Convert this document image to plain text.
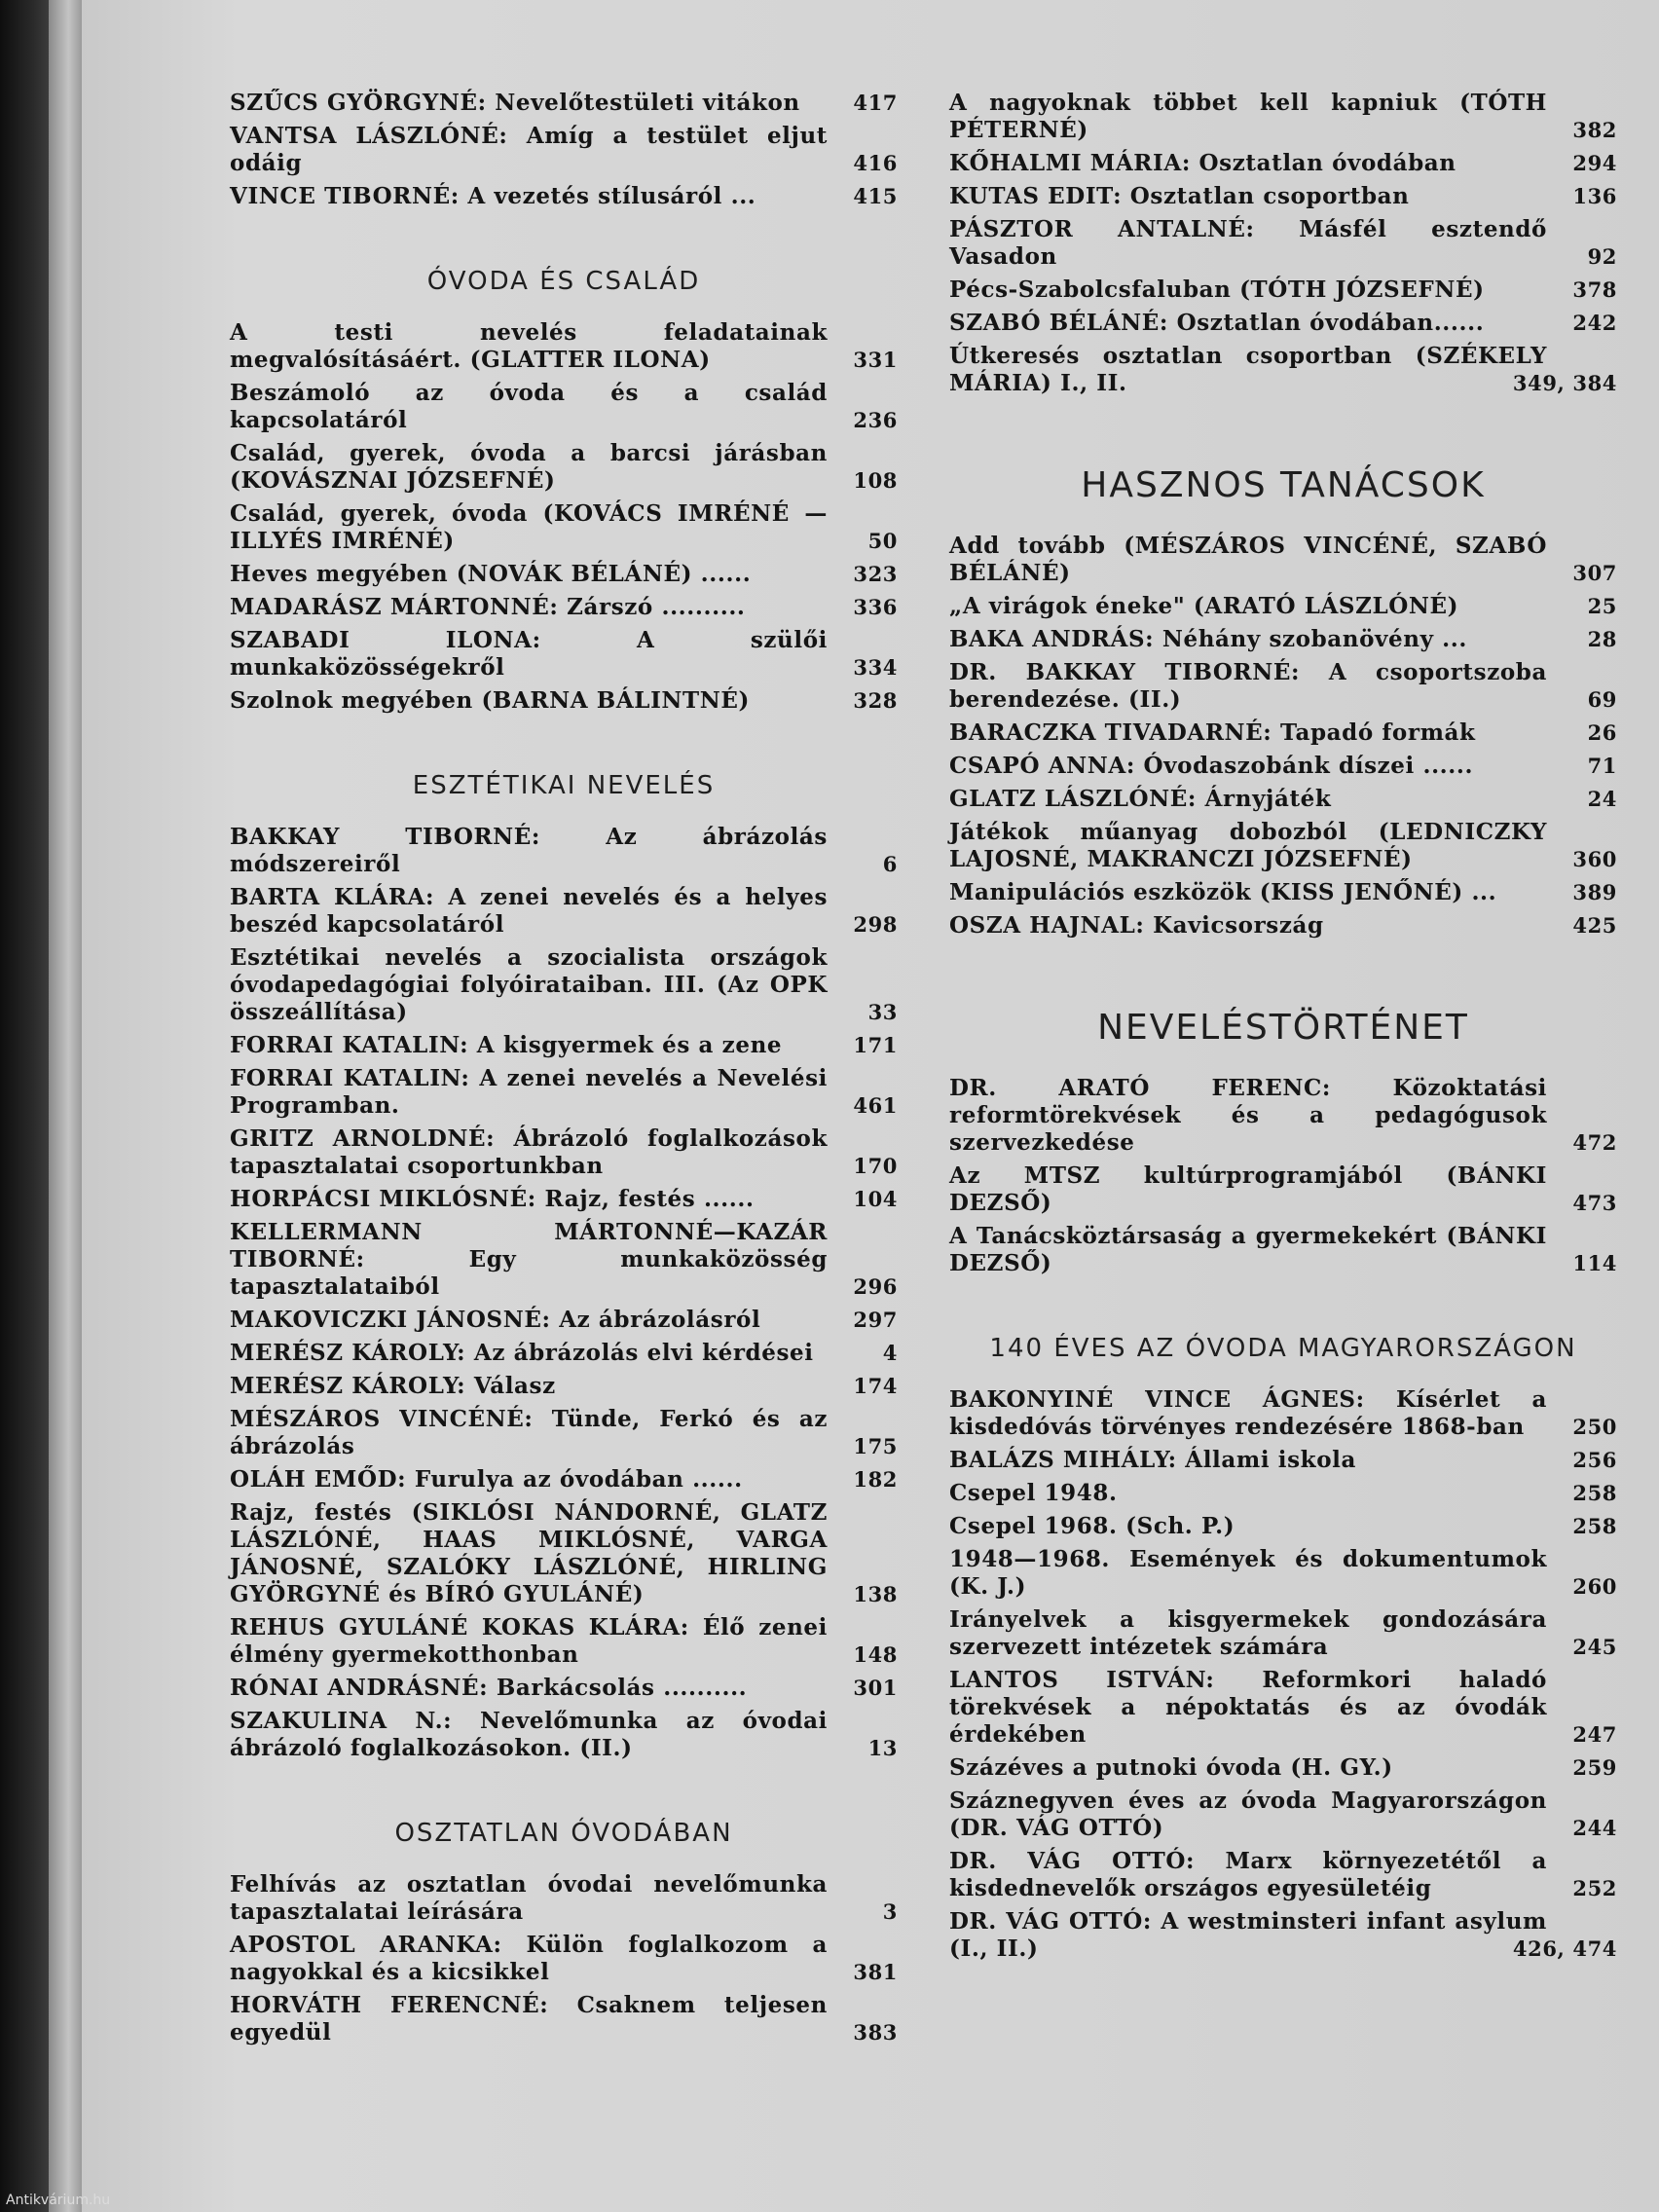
SZŰCS GYÖRGYNÉ: Nevelőtestületi vitákon	417
VANTSA LÁSZLÓNÉ: Amíg a testület eljut odáig	416
VINCE TIBORNÉ: A vezetés stílusáról ...	415
ÓVODA ÉS CSALÁD
A testi nevelés feladatainak megvalósításáért. (GLATTER ILONA)	331
Beszámoló az óvoda és a család kapcsolatáról	236
Család, gyerek, óvoda a barcsi járásban (KOVÁSZNAI JÓZSEFNÉ)	108
Család, gyerek, óvoda (KOVÁCS IMRÉNÉ —ILLYÉS IMRÉNÉ)	50
Heves megyében (NOVÁK BÉLÁNÉ) ......	323
MADARÁSZ MÁRTONNÉ: Zárszó ..........	336
SZABADI ILONA: A szülői munkaközösségekről	334
Szolnok megyében (BARNA BÁLINTNÉ)	328
ESZTÉTIKAI NEVELÉS
BAKKAY TIBORNÉ: Az ábrázolás módszereiről	6
BARTA KLÁRA: A zenei nevelés és a helyes beszéd kapcsolatáról	298
Esztétikai nevelés a szocialista országok óvodapedagógiai folyóirataiban. III. (Az OPK összeállítása)	33
FORRAI KATALIN: A kisgyermek és a zene	171
FORRAI KATALIN: A zenei nevelés a Nevelési Programban.	461
GRITZ ARNOLDNÉ: Ábrázoló foglalkozások tapasztalatai csoportunkban	170
HORPÁCSI MIKLÓSNÉ: Rajz, festés ......	104
KELLERMANN MÁRTONNÉ—KAZÁR TIBORNÉ: Egy munkaközösség tapasztalataiból	296
MAKOVICZKI JÁNOSNÉ: Az ábrázolásról	297
MERÉSZ KÁROLY: Az ábrázolás elvi kérdései	4
MERÉSZ KÁROLY: Válasz	174
MÉSZÁROS VINCÉNÉ: Tünde, Ferkó és az ábrázolás	175
OLÁH EMŐD: Furulya az óvodában ......	182
Rajz, festés (SIKLÓSI NÁNDORNÉ, GLATZ LÁSZLÓNÉ, HAAS MIKLÓSNÉ, VARGA JÁNOSNÉ, SZALÓKY LÁSZLÓNÉ, HIRLING GYÖRGYNÉ és BÍRÓ GYULÁNÉ)	138
REHUS GYULÁNÉ KOKAS KLÁRA: Élő zenei élmény gyermekotthonban	148
RÓNAI ANDRÁSNÉ: Barkácsolás ..........	301
SZAKULINA N.: Nevelőmunka az óvodai ábrázoló foglalkozásokon. (II.)	13
OSZTATLAN ÓVODÁBAN
Felhívás az osztatlan óvodai nevelőmunka tapasztalatai leírására	3
APOSTOL ARANKA: Külön foglalkozom a nagyokkal és a kicsikkel	381
HORVÁTH FERENCNÉ: Csaknem teljesen egyedül	383
A nagyoknak többet kell kapniuk (TÓTH PÉTERNÉ)	382
KŐHALMI MÁRIA: Osztatlan óvodában	294
KUTAS EDIT: Osztatlan csoportban	136
PÁSZTOR ANTALNÉ: Másfél esztendő Vasadon	92
Pécs-Szabolcsfaluban (TÓTH JÓZSEFNÉ)	378
SZABÓ BÉLÁNÉ: Osztatlan óvodában......	242
Útkeresés osztatlan csoportban (SZÉKELY MÁRIA) I., II.	349, 384
HASZNOS TANÁCSOK
Add tovább (MÉSZÁROS VINCÉNÉ, SZABÓ BÉLÁNÉ)	307
„A virágok éneke" (ARATÓ LÁSZLÓNÉ)	25
BAKA ANDRÁS: Néhány szobanövény ...	28
DR. BAKKAY TIBORNÉ: A csoportszoba berendezése. (II.)	69
BARACZKA TIVADARNÉ: Tapadó formák	26
CSAPÓ ANNA: Óvodaszobánk díszei ......	71
GLATZ LÁSZLÓNÉ: Árnyjáték	24
Játékok műanyag dobozból (LEDNICZKY LAJOSNÉ, MAKRANCZI JÓZSEFNÉ)	360
Manipulációs eszközök (KISS JENŐNÉ) ...	389
OSZA HAJNAL: Kavicsország	425
NEVELÉSTÖRTÉNET
DR. ARATÓ FERENC: Közoktatási reformtörekvések és a pedagógusok szervezkedése	472
Az MTSZ kultúrprogramjából (BÁNKI DEZSŐ)	473
A Tanácsköztársaság a gyermekekért (BÁNKI DEZSŐ)	114
140 ÉVES AZ ÓVODA MAGYARORSZÁGON
BAKONYINÉ VINCE ÁGNES: Kísérlet a kisdedóvás törvényes rendezésére 1868-ban	250
BALÁZS MIHÁLY: Állami iskola	256
Csepel 1948.	258
Csepel 1968. (Sch. P.)	258
1948—1968. Események és dokumentumok (K. J.)	260
Irányelvek a kisgyermekek gondozására szervezett intézetek számára	245
LANTOS ISTVÁN: Reformkori haladó törekvések a népoktatás és az óvodák érdekében	247
Százéves a putnoki óvoda (H. GY.)	259
Száznegyven éves az óvoda Magyarországon (DR. VÁG OTTÓ)	244
DR. VÁG OTTÓ: Marx környezetétől a kisdednevelők országos egyesületéig	252
DR. VÁG OTTÓ: A westminsteri infant asylum (I., II.)	426, 474
Antikvárium.hu
